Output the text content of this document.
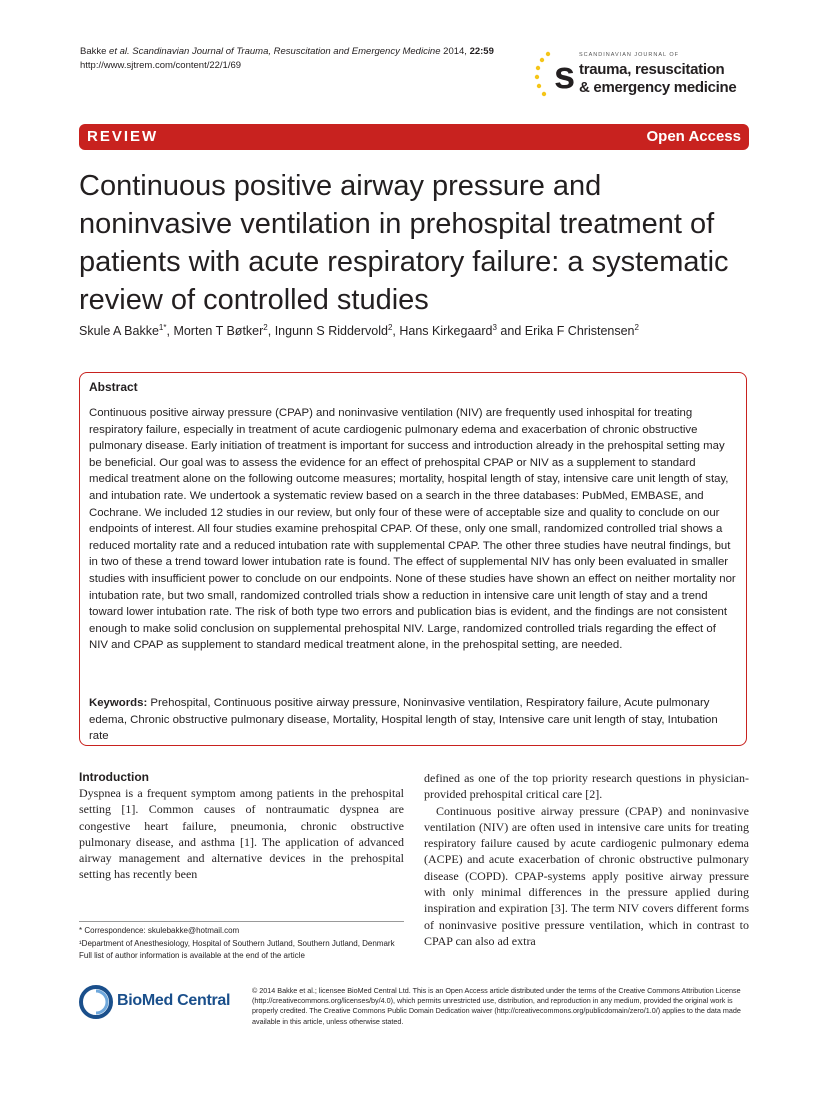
Bakke et al. Scandinavian Journal of Trauma, Resuscitation and Emergency Medicine 2014, 22:59
http://www.sjtrem.com/content/22/1/69	s SCANDINAVIAN JOURNAL OF
trauma, resuscitation
& emergency medicine
REVIEW	Open Access
Continuous positive airway pressure and noninvasive ventilation in prehospital treatment of patients with acute respiratory failure: a systematic review of controlled studies
Skule A Bakke$^{1*}$, Morten T Bøtker$^2$, Ingunn S Riddervold$^2$, Hans Kirkegaard$^3$ and Erika F Christensen$^2$
Abstract
Continuous positive airway pressure (CPAP) and noninvasive ventilation (NIV) are frequently used inhospital for treating respiratory failure, especially in treatment of acute cardiogenic pulmonary edema and exacerbation of chronic obstructive pulmonary disease. Early initiation of treatment is important for success and introduction already in the prehospital setting may be beneficial. Our goal was to assess the evidence for an effect of prehospital CPAP or NIV as a supplement to standard medical treatment alone on the following outcome measures; mortality, hospital length of stay, intensive care unit length of stay, and intubation rate. We undertook a systematic review based on a search in the three databases: PubMed, EMBASE, and Cochrane. We included 12 studies in our review, but only four of these were of acceptable size and quality to conclude on our endpoints of interest. All four studies examine prehospital CPAP. Of these, only one small, randomized controlled trial shows a reduced mortality rate and a reduced intubation rate with supplemental CPAP. The other three studies have neutral findings, but in two of these a trend toward lower intubation rate is found. The effect of supplemental NIV has only been evaluated in smaller studies with insufficient power to conclude on our endpoints. None of these studies have shown an effect on neither mortality nor intubation rate, but two small, randomized controlled trials show a reduction in intensive care unit length of stay and a trend toward lower intubation rate. The risk of both type two errors and publication bias is evident, and the findings are not consistent enough to make solid conclusion on supplemental prehospital NIV. Large, randomized controlled trials regarding the effect of NIV and CPAP as supplement to standard medical treatment alone, in the prehospital setting, are needed.
Keywords: Prehospital, Continuous positive airway pressure, Noninvasive ventilation, Respiratory failure, Acute pulmonary edema, Chronic obstructive pulmonary disease, Mortality, Hospital length of stay, Intensive care unit length of stay, Intubation rate
Introduction
Dyspnea is a frequent symptom among patients in the prehospital setting [1]. Common causes of nontraumatic dyspnea are congestive heart failure, pneumonia, chronic obstructive pulmonary disease, and asthma [1]. The application of advanced airway management and alternative devices in the prehospital setting has recently been
defined as one of the top priority research questions in physician-provided prehospital critical care [2].
Continuous positive airway pressure (CPAP) and noninvasive ventilation (NIV) are often used in intensive care units for treating respiratory failure caused by acute cardiogenic pulmonary edema (ACPE) and acute exacerbation of chronic obstructive pulmonary disease (COPD). CPAP-systems apply positive airway pressure with only minimal differences in the pressure applied during inspiration and expiration [3]. The term NIV covers different forms of noninvasive positive pressure ventilation, which in contrast to CPAP can also ad extra
* Correspondence: skulebakke@hotmail.com
¹Department of Anesthesiology, Hospital of Southern Jutland, Southern Jutland, Denmark
Full list of author information is available at the end of the article
BioMed Central
© 2014 Bakke et al.; licensee BioMed Central Ltd. This is an Open Access article distributed under the terms of the Creative Commons Attribution License (http://creativecommons.org/licenses/by/4.0), which permits unrestricted use, distribution, and reproduction in any medium, provided the original work is properly credited. The Creative Commons Public Domain Dedication waiver (http://creativecommons.org/publicdomain/zero/1.0/) applies to the data made available in this article, unless otherwise stated.
